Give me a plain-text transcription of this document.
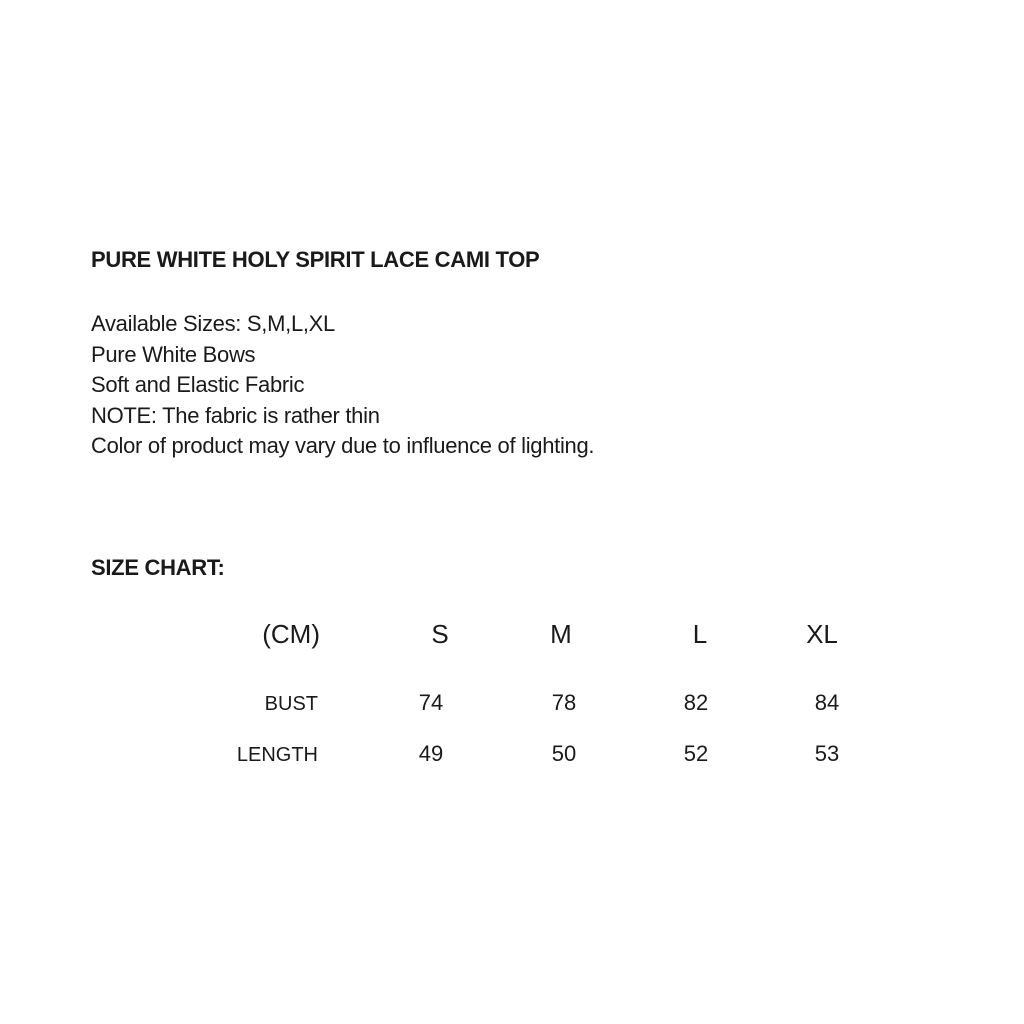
PURE WHITE HOLY SPIRIT LACE CAMI TOP
Available Sizes: S,M,L,XL
Pure White Bows
Soft and Elastic Fabric
NOTE: The fabric is rather thin
Color of product may vary due to influence of lighting.
SIZE CHART:
(CM)	S	M	L	XL
BUST	74	78	82	84
LENGTH	49	50	52	53
